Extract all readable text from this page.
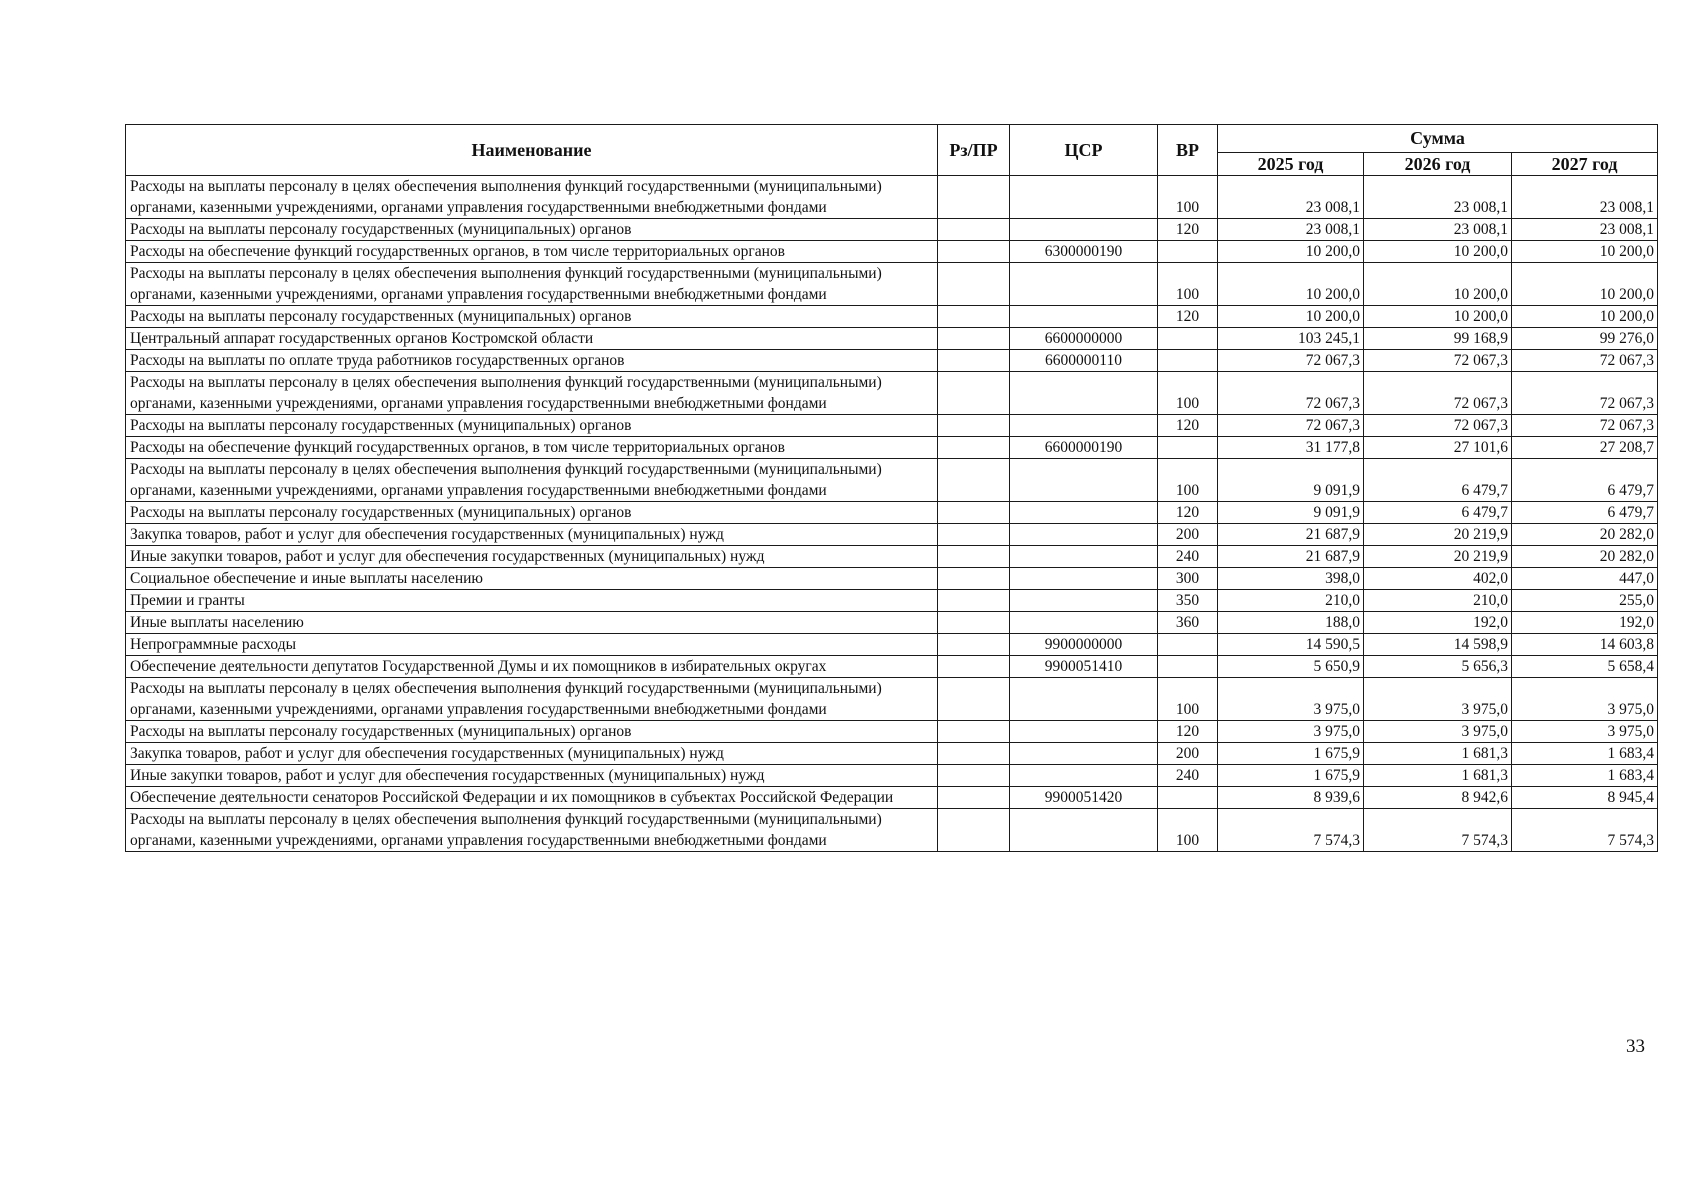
Наименование	Рз/ПР	ЦСР	ВР	Сумма		
				2025 год	2026 год	2027 год
Расходы на выплаты персоналу в целях обеспечения выполнения функций государственными (муниципальными) органами, казенными учреждениями, органами управления государственными внебюджетными фондами			100	23 008,1	23 008,1	23 008,1
Расходы на выплаты персоналу государственных (муниципальных) органов			120	23 008,1	23 008,1	23 008,1
Расходы на обеспечение функций государственных органов, в том числе территориальных органов		6300000190		10 200,0	10 200,0	10 200,0
Расходы на выплаты персоналу в целях обеспечения выполнения функций государственными (муниципальными) органами, казенными учреждениями, органами управления государственными внебюджетными фондами			100	10 200,0	10 200,0	10 200,0
Расходы на выплаты персоналу государственных (муниципальных) органов			120	10 200,0	10 200,0	10 200,0
Центральный аппарат государственных органов Костромской области		6600000000		103 245,1	99 168,9	99 276,0
Расходы на выплаты по оплате труда работников государственных органов		6600000110		72 067,3	72 067,3	72 067,3
Расходы на выплаты персоналу в целях обеспечения выполнения функций государственными (муниципальными) органами, казенными учреждениями, органами управления государственными внебюджетными фондами			100	72 067,3	72 067,3	72 067,3
Расходы на выплаты персоналу государственных (муниципальных) органов			120	72 067,3	72 067,3	72 067,3
Расходы на обеспечение функций государственных органов, в том числе территориальных органов		6600000190		31 177,8	27 101,6	27 208,7
Расходы на выплаты персоналу в целях обеспечения выполнения функций государственными (муниципальными) органами, казенными учреждениями, органами управления государственными внебюджетными фондами			100	9 091,9	6 479,7	6 479,7
Расходы на выплаты персоналу государственных (муниципальных) органов			120	9 091,9	6 479,7	6 479,7
Закупка товаров, работ и услуг для обеспечения государственных (муниципальных) нужд			200	21 687,9	20 219,9	20 282,0
Иные закупки товаров, работ и услуг для обеспечения государственных (муниципальных) нужд			240	21 687,9	20 219,9	20 282,0
Социальное обеспечение и иные выплаты населению			300	398,0	402,0	447,0
Премии и гранты			350	210,0	210,0	255,0
Иные выплаты населению			360	188,0	192,0	192,0
Непрограммные расходы		9900000000		14 590,5	14 598,9	14 603,8
Обеспечение деятельности депутатов Государственной Думы и их помощников в избирательных округах		9900051410		5 650,9	5 656,3	5 658,4
Расходы на выплаты персоналу в целях обеспечения выполнения функций государственными (муниципальными) органами, казенными учреждениями, органами управления государственными внебюджетными фондами			100	3 975,0	3 975,0	3 975,0
Расходы на выплаты персоналу государственных (муниципальных) органов			120	3 975,0	3 975,0	3 975,0
Закупка товаров, работ и услуг для обеспечения государственных (муниципальных) нужд			200	1 675,9	1 681,3	1 683,4
Иные закупки товаров, работ и услуг для обеспечения государственных (муниципальных) нужд			240	1 675,9	1 681,3	1 683,4
Обеспечение деятельности сенаторов Российской Федерации и их помощников в субъектах Российской Федерации		9900051420		8 939,6	8 942,6	8 945,4
Расходы на выплаты персоналу в целях обеспечения выполнения функций государственными (муниципальными) органами, казенными учреждениями, органами управления государственными внебюджетными фондами			100	7 574,3	7 574,3	7 574,3
33
